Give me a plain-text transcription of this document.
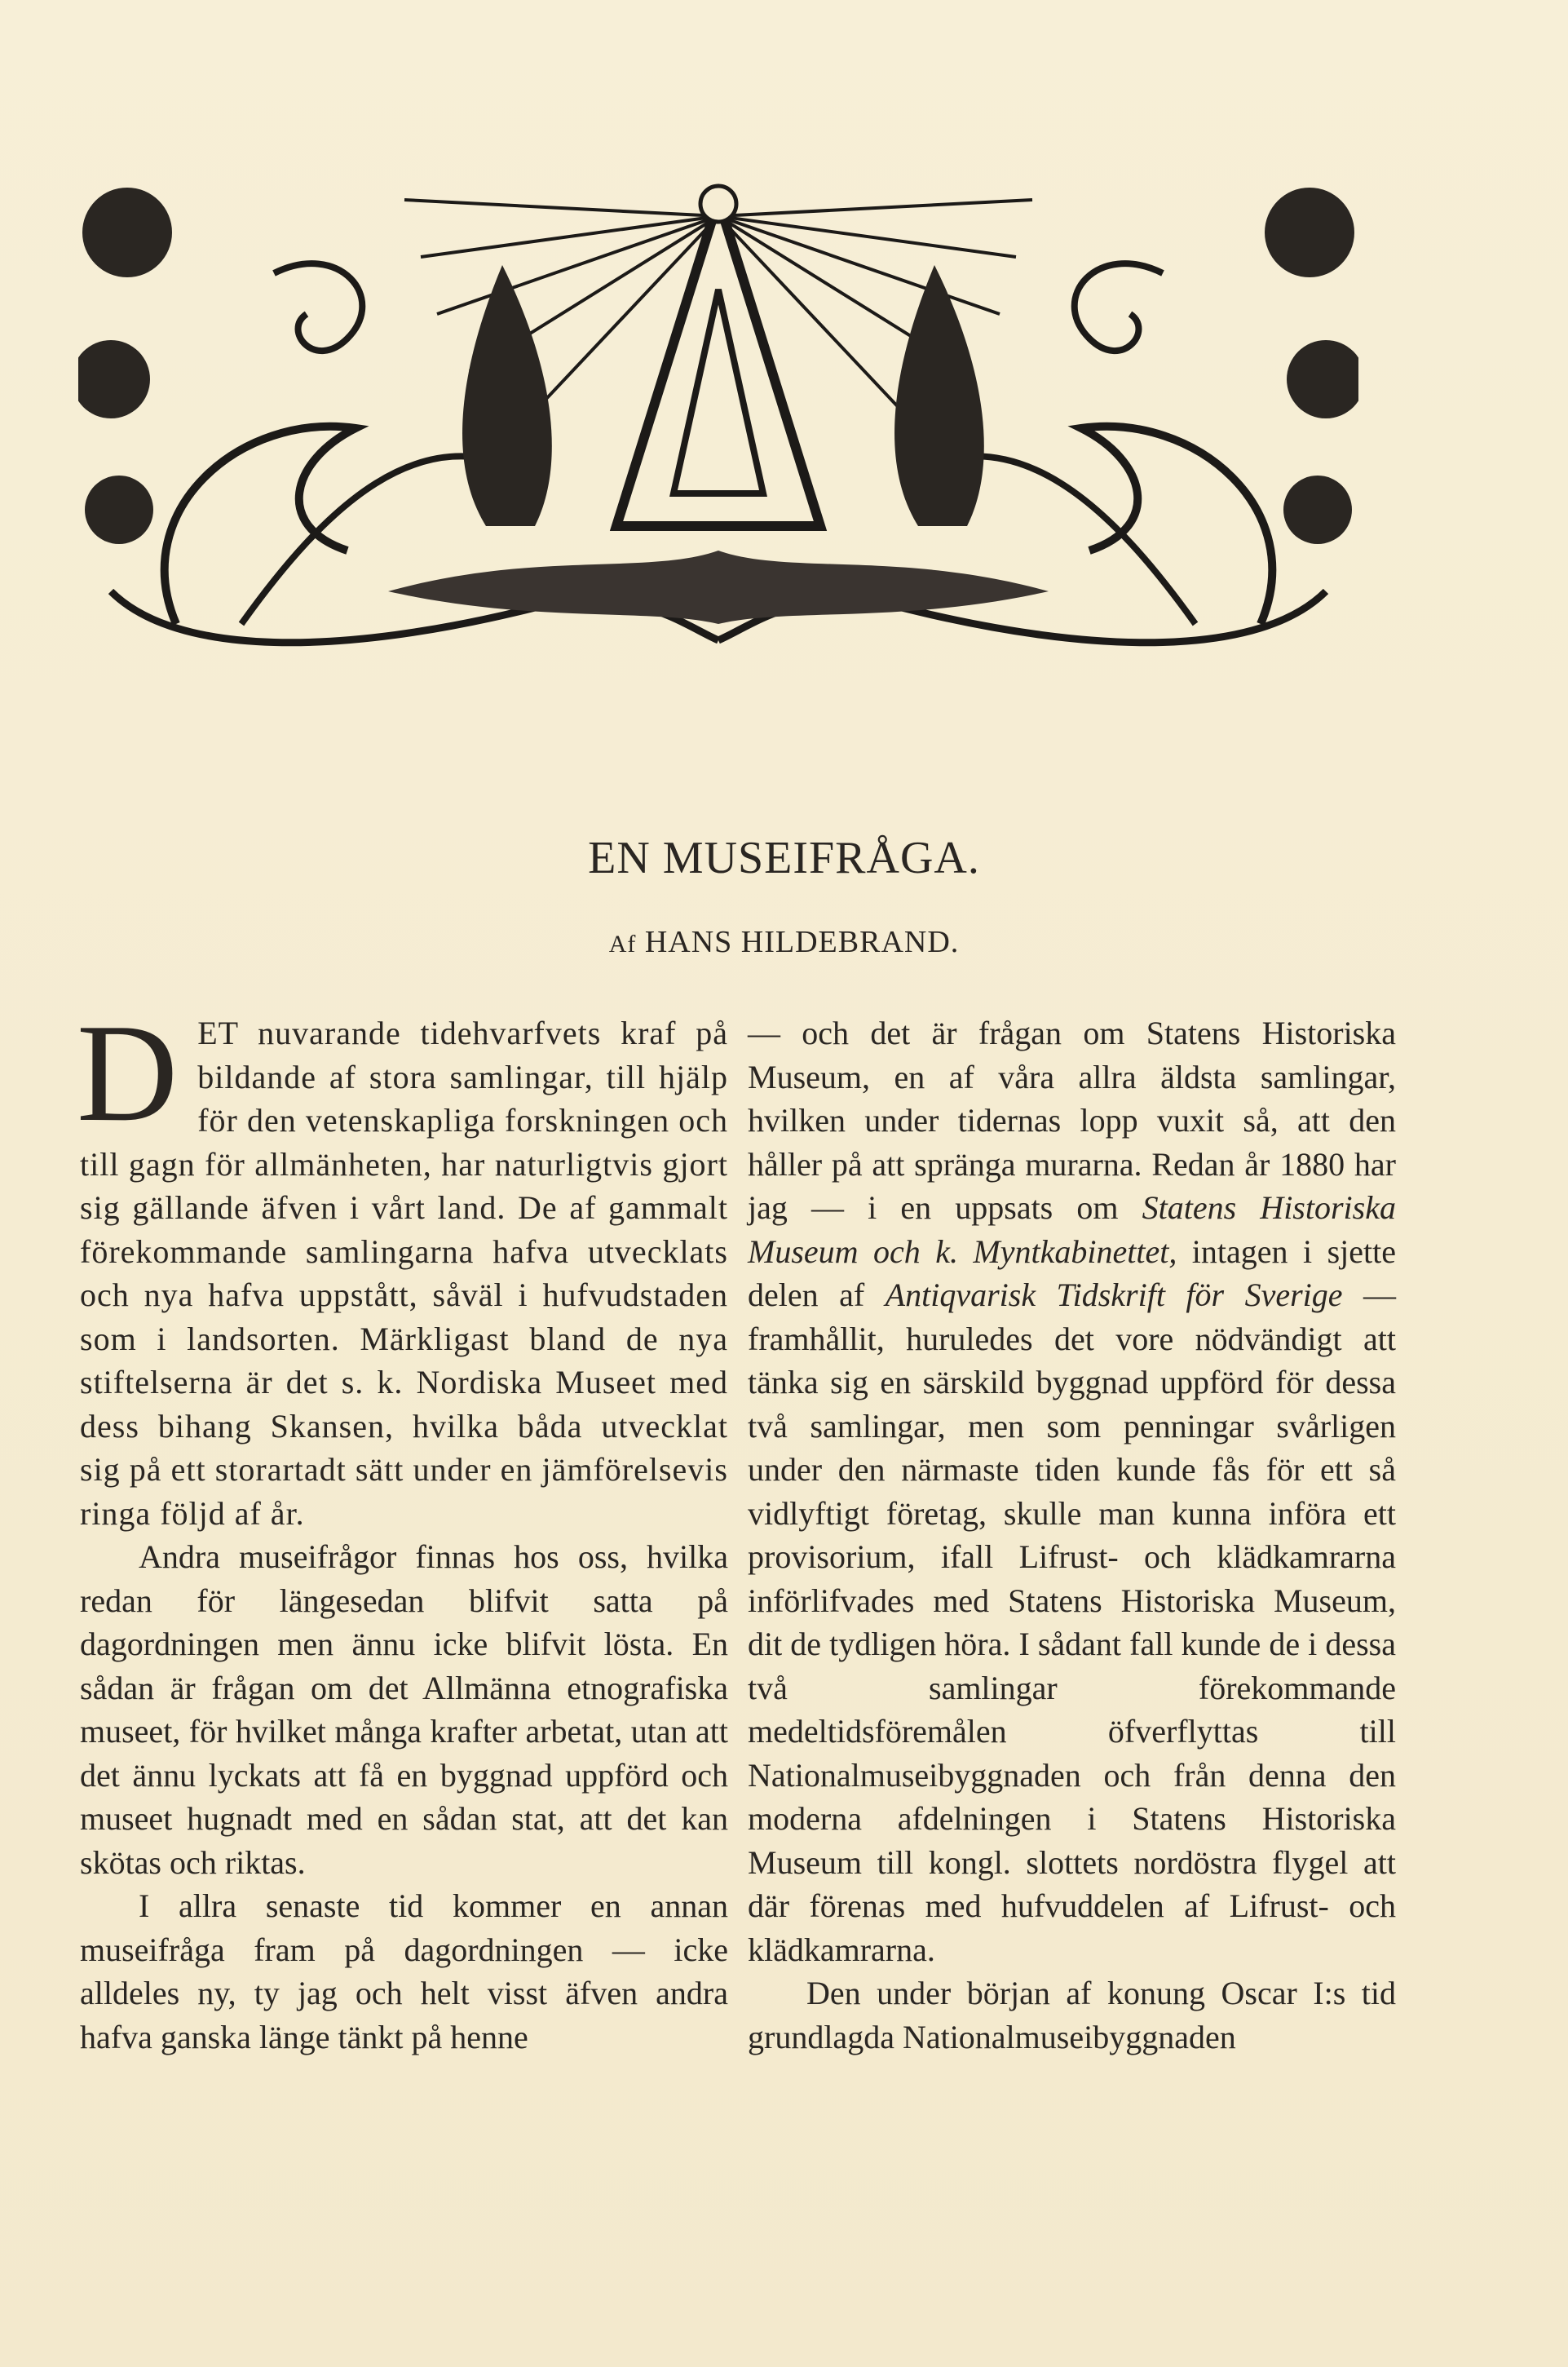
EN MUSEIFRÅGA.
Af HANS HILDEBRAND.

DET nuvarande tidehvarfvets kraf på bildande af stora samlingar, till hjälp för den vetenskapliga forskningen och till gagn för allmänheten, har naturligtvis gjort sig gällande äfven i vårt land. De af gammalt förekommande samlingarna hafva utvecklats och nya hafva uppstått, såväl i hufvudstaden som i landsorten. Märkligast bland de nya stiftelserna är det s. k. Nordiska Museet med dess bihang Skansen, hvilka båda utvecklat sig på ett storartadt sätt under en jämförelsevis ringa följd af år.

Andra museifrågor finnas hos oss, hvilka redan för längesedan blifvit satta på dagordningen men ännu icke blifvit lösta. En sådan är frågan om det Allmänna etnografiska museet, för hvilket många krafter arbetat, utan att det ännu lyckats att få en byggnad uppförd och museet hugnadt med en sådan stat, att det kan skötas och riktas.

I allra senaste tid kommer en annan museifråga fram på dagordningen — icke alldeles ny, ty jag och helt visst äfven andra hafva ganska länge tänkt på henne

— och det är frågan om Statens Historiska Museum, en af våra allra äldsta samlingar, hvilken under tidernas lopp vuxit så, att den håller på att spränga murarna. Redan år 1880 har jag — i en uppsats om Statens Historiska Museum och k. Myntkabinettet, intagen i sjette delen af Antiqvarisk Tidskrift för Sverige — framhållit, huruledes det vore nödvändigt att tänka sig en särskild byggnad uppförd för dessa två samlingar, men som penningar svårligen under den närmaste tiden kunde fås för ett så vidlyftigt företag, skulle man kunna införa ett provisorium, ifall Lifrust- och klädkamrarna införlifvades med Statens Historiska Museum, dit de tydligen höra. I sådant fall kunde de i dessa två samlingar förekommande medeltidsföremålen öfverflyttas till Nationalmuseibyggnaden och från denna den moderna afdelningen i Statens Historiska Museum till kongl. slottets nordöstra flygel att där förenas med hufvuddelen af Lifrust- och klädkamrarna.

Den under början af konung Oscar I:s tid grundlagda Nationalmuseibyggnaden
